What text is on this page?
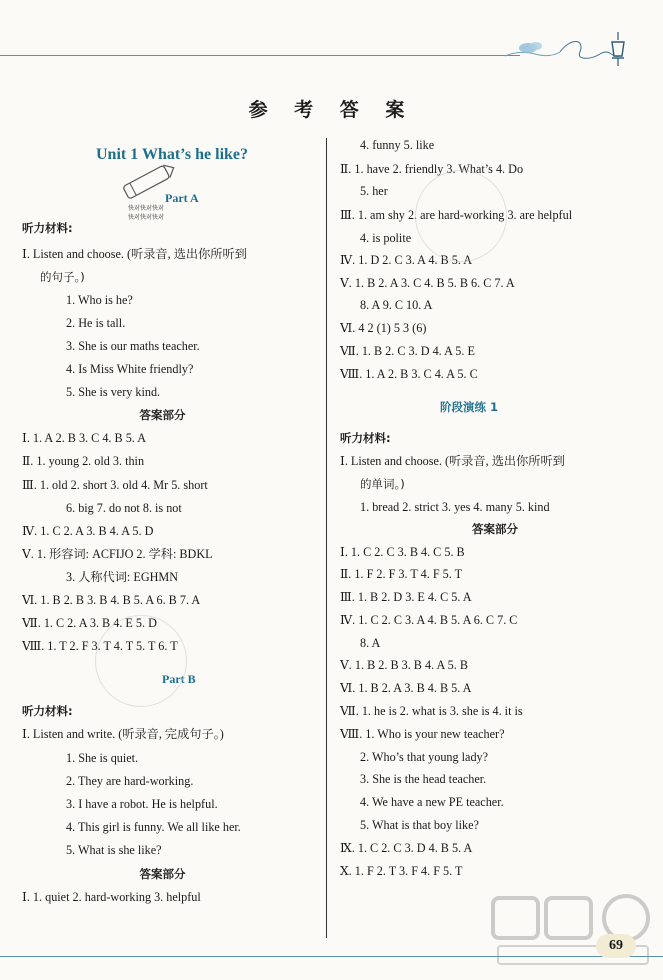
参 考 答 案
Unit 1 What’s he like?
Part A
快对快对快对
快对快对快对
听力材料:
Ⅰ. Listen and choose. (听录音, 选出你所听到
的句子。)
1. Who is he?
2. He is tall.
3. She is our maths teacher.
4. Is Miss White friendly?
5. She is very kind.
Ⅰ. 1. A 2. B 3. C 4. B 5. A
Ⅱ. 1. young 2. old 3. thin
Ⅲ. 1. old 2. short 3. old 4. Mr 5. short
6. big 7. do not 8. is not
Ⅳ. 1. C 2. A 3. B 4. A 5. D
Ⅴ. 1. 形容词: ACFIJO 2. 学科: BDKL
3. 人称代词: EGHMN
Ⅵ. 1. B 2. B 3. B 4. B 5. A 6. B 7. A
Ⅶ. 1. C 2. A 3. B 4. E 5. D
Ⅷ. 1. T 2. F 3. T 4. T 5. T 6. T
听力材料:
Ⅰ. Listen and write. (听录音, 完成句子。)
1. She is quiet.
2. They are hard-working.
3. I have a robot. He is helpful.
4. This girl is funny. We all like her.
5. What is she like?
Ⅰ. 1. quiet 2. hard-working 3. helpful
答案部分
Part B
答案部分
4. funny 5. like
Ⅱ. 1. have 2. friendly 3. What’s 4. Do
5. her
Ⅲ. 1. am shy 2. are hard-working 3. are helpful
4. is polite
Ⅳ. 1. D 2. C 3. A 4. B 5. A
Ⅴ. 1. B 2. A 3. C 4. B 5. B 6. C 7. A
8. A 9. C 10. A
Ⅵ. 4 2 (1) 5 3 (6)
Ⅶ. 1. B 2. C 3. D 4. A 5. E
Ⅷ. 1. A 2. B 3. C 4. A 5. C
听力材料:
Ⅰ. Listen and choose. (听录音, 选出你所听到
的单词。)
1. bread 2. strict 3. yes 4. many 5. kind
Ⅰ. 1. C 2. C 3. B 4. C 5. B
Ⅱ. 1. F 2. F 3. T 4. F 5. T
Ⅲ. 1. B 2. D 3. E 4. C 5. A
Ⅳ. 1. C 2. C 3. A 4. B 5. A 6. C 7. C
8. A
Ⅴ. 1. B 2. B 3. B 4. A 5. B
Ⅵ. 1. B 2. A 3. B 4. B 5. A
Ⅶ. 1. he is 2. what is 3. she is 4. it is
Ⅷ. 1. Who is your new teacher?
2. Who’s that young lady?
3. She is the head teacher.
4. We have a new PE teacher.
5. What is that boy like?
Ⅸ. 1. C 2. C 3. D 4. B 5. A
Ⅹ. 1. F 2. T 3. F 4. F 5. T
阶段演练 1
答案部分
69
